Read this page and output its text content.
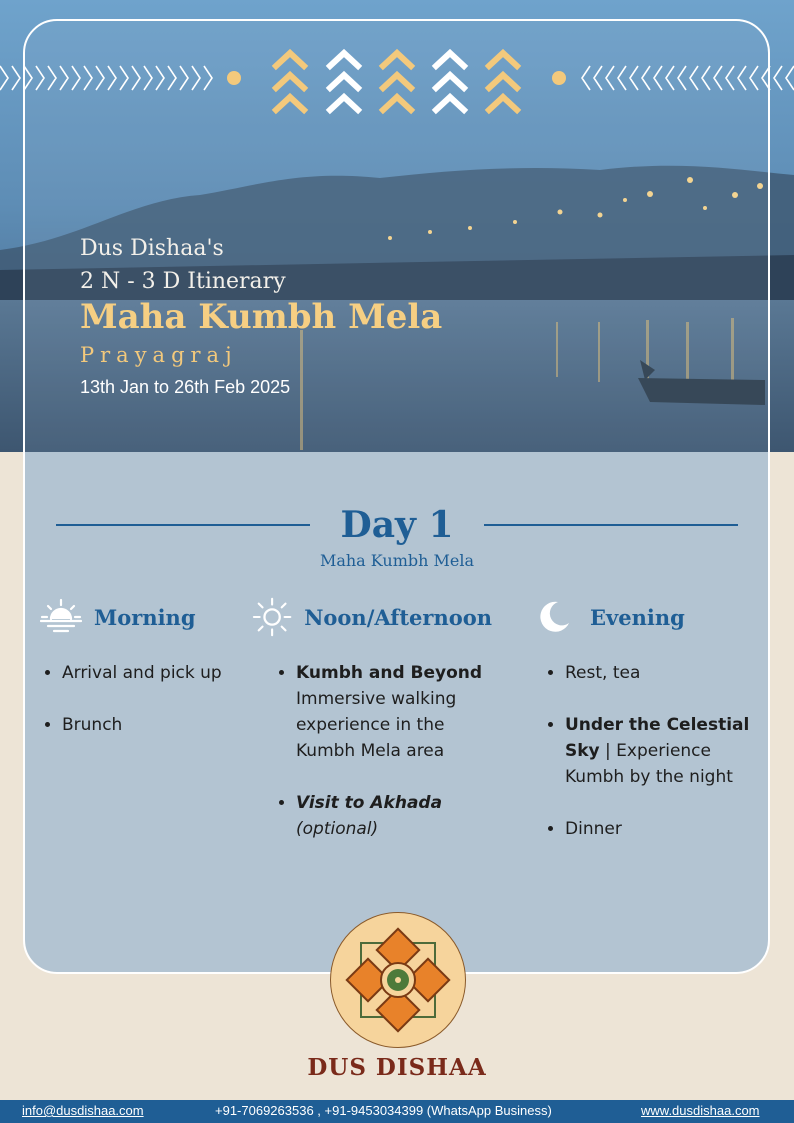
Dus Dishaa's
2 N - 3 D Itinerary
Maha Kumbh Mela
Prayagraj
13th Jan to 26th Feb 2025
Day 1
Maha Kumbh Mela
Morning
• Arrival and pick up
• Brunch
Noon/Afternoon
• Kumbh and Beyond
Immersive walking experience in the Kumbh Mela area
• Visit to Akhada
(optional)
Evening
• Rest, tea
• Under the Celestial Sky | Experience Kumbh by the night
• Dinner
DUS DISHAA
info@dusdishaa.com	+91-7069263536 , +91-9453034399 (WhatsApp Business)	www.dusdishaa.com
